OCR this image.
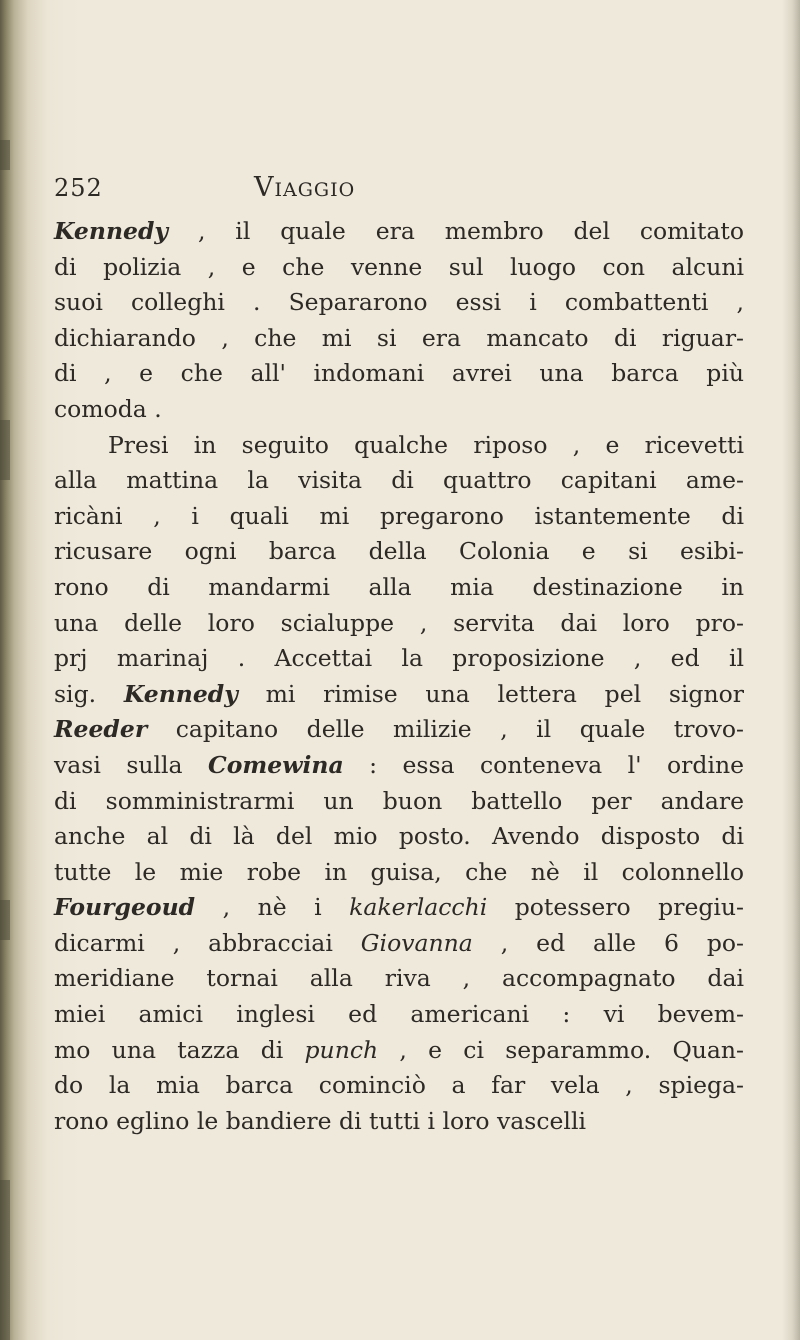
252	Viaggio
Kennedy , il quale era membro del comitato
di polizia , e che venne sul luogo con alcuni
suoi colleghi . Separarono essi i combattenti ,
dichiarando , che mi si era mancato di riguar-
di , e che all' indomani avrei una barca più
comoda .
Presi in seguito qualche riposo , e ricevetti
alla mattina la visita di quattro capitani ame-
ricàni , i quali mi pregarono istantemente di
ricusare ogni barca della Colonia e si esibi-
rono di mandarmi alla mia destinazione in
una delle loro scialuppe , servita dai loro pro-
prj marinaj . Accettai la proposizione , ed il
sig. Kennedy mi rimise una lettera pel signor
Reeder capitano delle milizie , il quale trovo-
vasi sulla Comewina : essa conteneva l' ordine
di somministrarmi un buon battello per andare
anche al di là del mio posto. Avendo disposto di
tutte le mie robe in guisa, che nè il colonnello
Fourgeoud , nè i kakerlacchi potessero pregiu-
dicarmi , abbracciai Giovanna , ed alle 6 po-
meridiane tornai alla riva , accompagnato dai
miei amici inglesi ed americani : vi bevem-
mo una tazza di punch , e ci separammo. Quan-
do la mia barca cominciò a far vela , spiega-
rono eglino le bandiere di tutti i loro vascelli
